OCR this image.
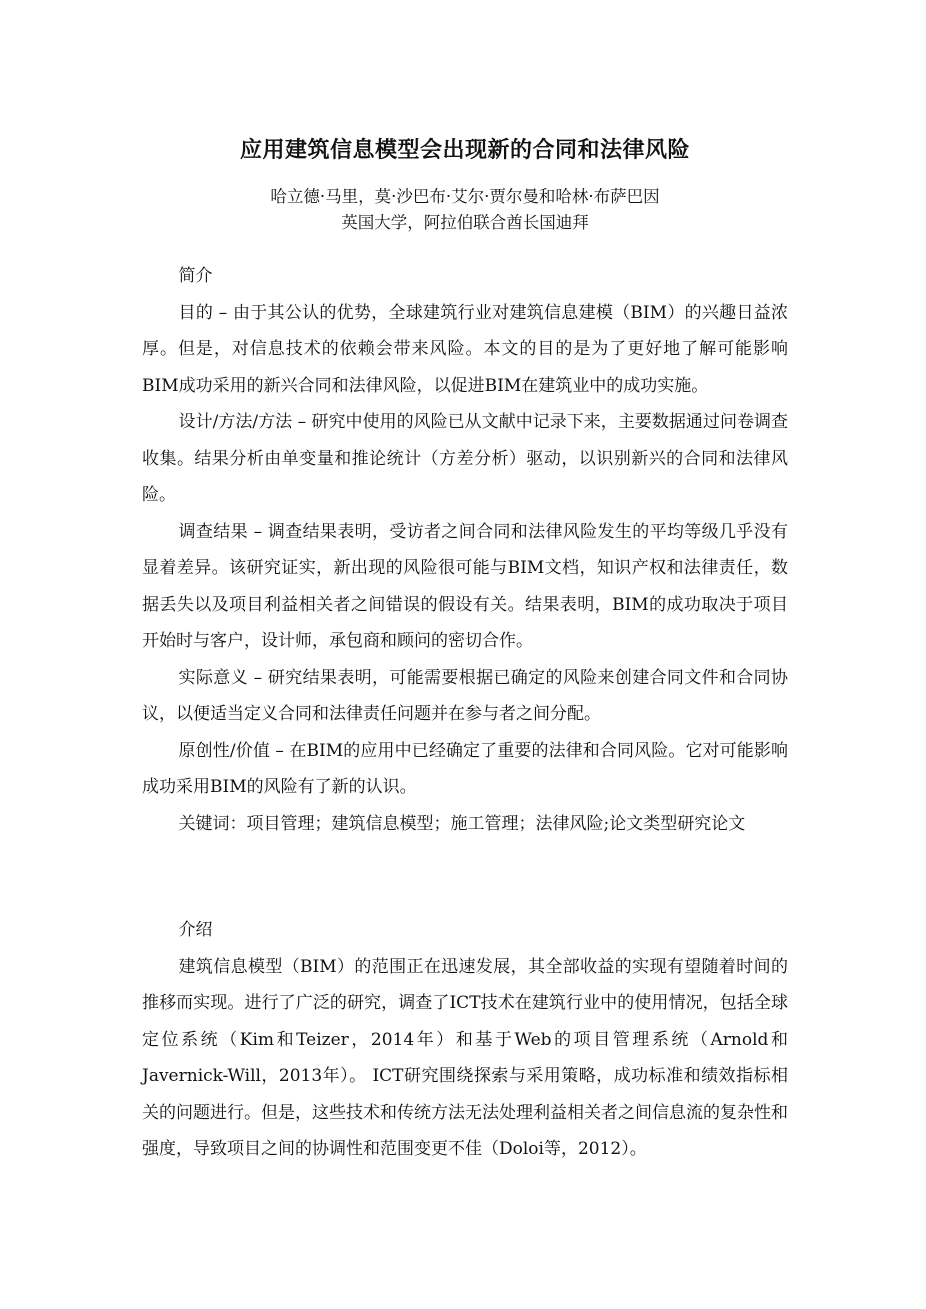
应用建筑信息模型会出现新的合同和法律风险
哈立德·马里，莫·沙巴布·艾尔·贾尔曼和哈林·布萨巴因
英国大学，阿拉伯联合酋长国迪拜

简介

目的 – 由于其公认的优势，全球建筑行业对建筑信息建模（BIM）的兴趣日益浓厚。但是，对信息技术的依赖会带来风险。本文的目的是为了更好地了解可能影响BIM成功采用的新兴合同和法律风险，以促进BIM在建筑业中的成功实施。

设计/方法/方法 – 研究中使用的风险已从文献中记录下来，主要数据通过问卷调查收集。结果分析由单变量和推论统计（方差分析）驱动，以识别新兴的合同和法律风险。

调查结果 – 调查结果表明，受访者之间合同和法律风险发生的平均等级几乎没有显着差异。该研究证实，新出现的风险很可能与BIM文档，知识产权和法律责任，数据丢失以及项目利益相关者之间错误的假设有关。结果表明，BIM的成功取决于项目开始时与客户，设计师，承包商和顾问的密切合作。

实际意义 – 研究结果表明，可能需要根据已确定的风险来创建合同文件和合同协议，以便适当定义合同和法律责任问题并在参与者之间分配。

原创性/价值 – 在BIM的应用中已经确定了重要的法律和合同风险。它对可能影响成功采用BIM的风险有了新的认识。

关键词：项目管理；建筑信息模型；施工管理；法律风险;论文类型研究论文

介绍

建筑信息模型（BIM）的范围正在迅速发展，其全部收益的实现有望随着时间的推移而实现。进行了广泛的研究，调查了ICT技术在建筑行业中的使用情况，包括全球定位系统（Kim和Teizer，2014年）和基于Web的项目管理系统（Arnold和Javernick-Will，2013年）。 ICT研究围绕探索与采用策略，成功标准和绩效指标相关的问题进行。但是，这些技术和传统方法无法处理利益相关者之间信息流的复杂性和强度，导致项目之间的协调性和范围变更不佳（Doloi等，2012）。
